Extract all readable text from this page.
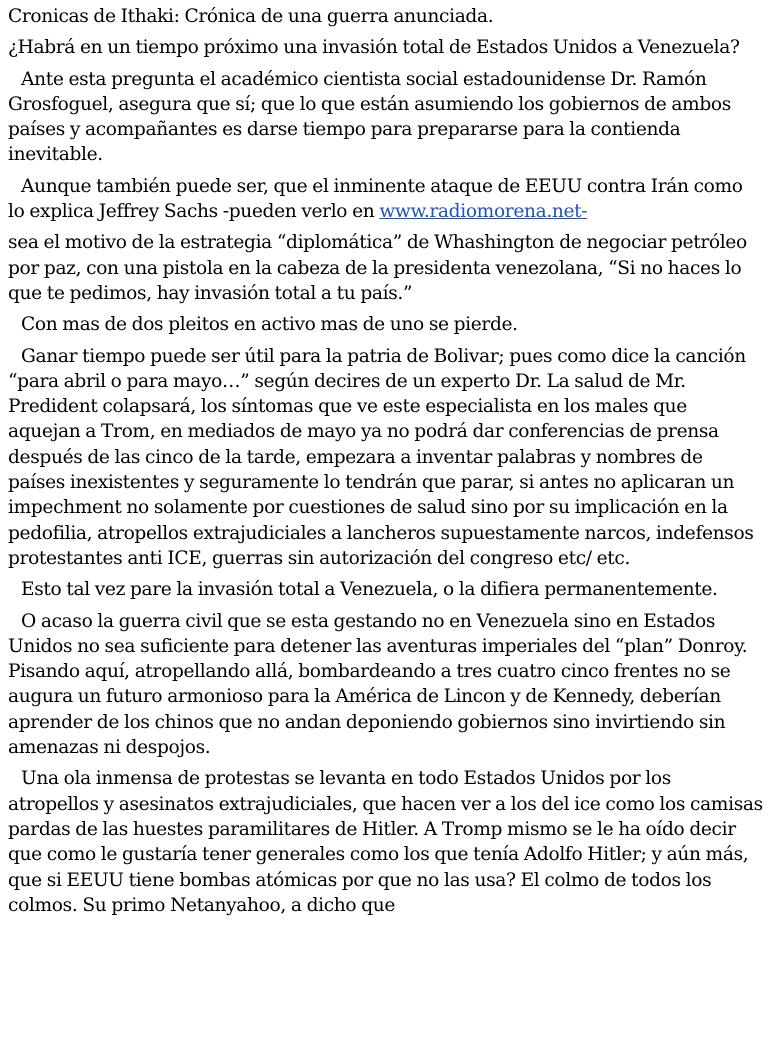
Cronicas de Ithaki: Crónica de una guerra anunciada.

¿Habrá en un tiempo próximo una invasión total de Estados Unidos a Venezuela?

Ante esta pregunta el académico cientista social estadounidense Dr. Ramón Grosfoguel, asegura que sí; que lo que están asumiendo los gobiernos de ambos países y acompañantes es darse tiempo para prepararse para la contienda inevitable.

Aunque también puede ser, que el inminente ataque de EEUU contra Irán como lo explica Jeffrey Sachs -pueden verlo en www.radiomorena.net-

sea el motivo de la estrategia “diplomática” de Whashington de negociar petróleo por paz, con una pistola en la cabeza de la presidenta venezolana, “Si no haces lo que te pedimos, hay invasión total a tu país.”

Con mas de dos pleitos en activo mas de uno se pierde.

Ganar tiempo puede ser útil para la patria de Bolivar; pues como dice la canción “para abril o para mayo…” según decires de un experto Dr. La salud de Mr. Predident colapsará, los síntomas que ve este especialista en los males que aquejan a Trom, en mediados de mayo ya no podrá dar conferencias de prensa después de las cinco de la tarde, empezara a inventar palabras y nombres de países inexistentes y seguramente lo tendrán que parar, si antes no aplicaran un impechment no solamente por cuestiones de salud sino por su implicación en la pedofilia, atropellos extrajudiciales a lancheros supuestamente narcos, indefensos protestantes anti ICE, guerras sin autorización del congreso etc/ etc.

Esto tal vez pare la invasión total a Venezuela, o la difiera permanentemente.

O acaso la guerra civil que se esta gestando no en Venezuela sino en Estados Unidos no sea suficiente para detener las aventuras imperiales del “plan” Donroy. Pisando aquí, atropellando allá, bombardeando a tres cuatro cinco frentes no se augura un futuro armonioso para la América de Lincon y de Kennedy, deberían aprender de los chinos que no andan deponiendo gobiernos sino invirtiendo sin amenazas ni despojos.

Una ola inmensa de protestas se levanta en todo Estados Unidos por los atropellos y asesinatos extrajudiciales, que hacen ver a los del ice como los camisas pardas de las huestes paramilitares de Hitler. A Tromp mismo se le ha oído decir que como le gustaría tener generales como los que tenía Adolfo Hitler; y aún más, que si EEUU tiene bombas atómicas por que no las usa? El colmo de todos los colmos. Su primo Netanyahoo, a dicho que
